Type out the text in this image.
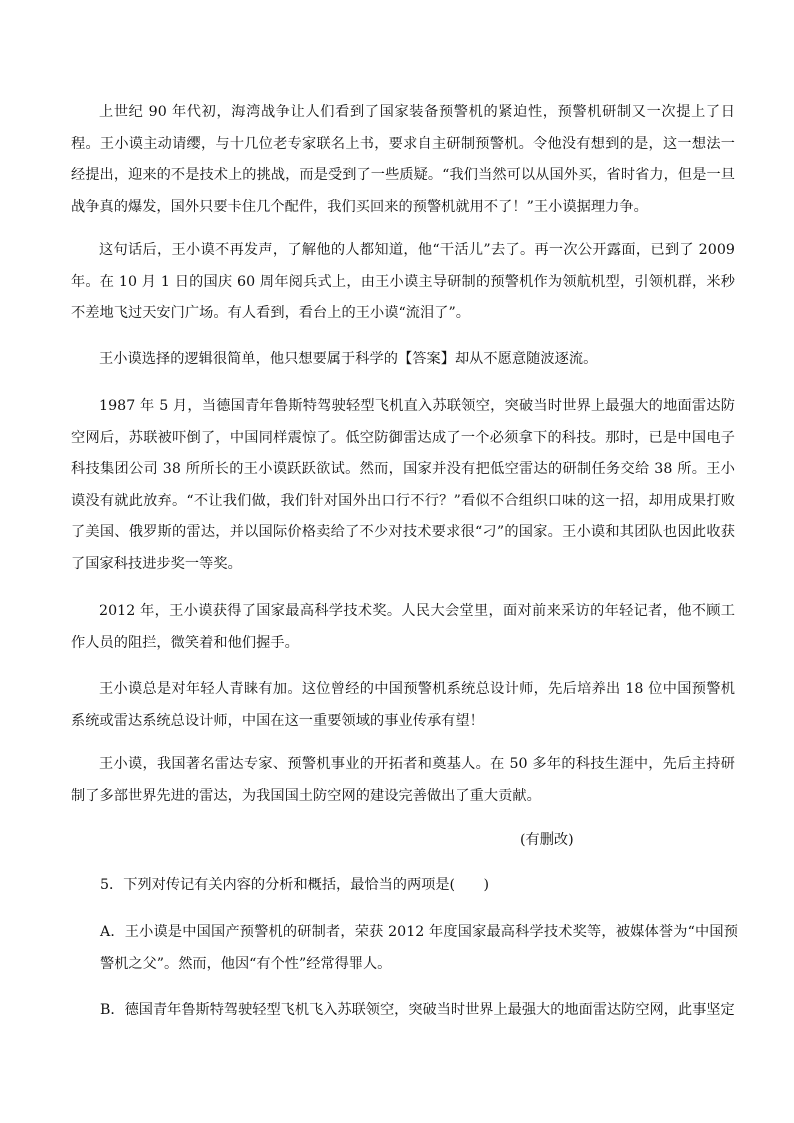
上世纪 90 年代初，海湾战争让人们看到了国家装备预警机的紧迫性，预警机研制又一次提上了日程。王小谟主动请缨，与十几位老专家联名上书，要求自主研制预警机。令他没有想到的是，这一想法一经提出，迎来的不是技术上的挑战，而是受到了一些质疑。“我们当然可以从国外买，省时省力，但是一旦战争真的爆发，国外只要卡住几个配件，我们买回来的预警机就用不了！”王小谟据理力争。

这句话后，王小谟不再发声，了解他的人都知道，他“干活儿”去了。再一次公开露面，已到了 2009 年。在 10 月 1 日的国庆 60 周年阅兵式上，由王小谟主导研制的预警机作为领航机型，引领机群，米秒不差地飞过天安门广场。有人看到，看台上的王小谟“流泪了”。

王小谟选择的逻辑很简单，他只想要属于科学的【答案】却从不愿意随波逐流。

1987 年 5 月，当德国青年鲁斯特驾驶轻型飞机直入苏联领空，突破当时世界上最强大的地面雷达防空网后，苏联被吓倒了，中国同样震惊了。低空防御雷达成了一个必须拿下的科技。那时，已是中国电子科技集团公司 38 所所长的王小谟跃跃欲试。然而，国家并没有把低空雷达的研制任务交给 38 所。王小谟没有就此放弃。“不让我们做，我们针对国外出口行不行？”看似不合组织口味的这一招，却用成果打败了美国、俄罗斯的雷达，并以国际价格卖给了不少对技术要求很“刁”的国家。王小谟和其团队也因此收获了国家科技进步奖一等奖。

2012 年，王小谟获得了国家最高科学技术奖。人民大会堂里，面对前来采访的年轻记者，他不顾工作人员的阻拦，微笑着和他们握手。

王小谟总是对年轻人青睐有加。这位曾经的中国预警机系统总设计师，先后培养出 18 位中国预警机系统或雷达系统总设计师，中国在这一重要领域的事业传承有望！

王小谟，我国著名雷达专家、预警机事业的开拓者和奠基人。在 50 多年的科技生涯中，先后主持研制了多部世界先进的雷达，为我国国土防空网的建设完善做出了重大贡献。

(有删改)

5．下列对传记有关内容的分析和概括，最恰当的两项是(　　)

A．王小谟是中国国产预警机的研制者，荣获 2012 年度国家最高科学技术奖等，被媒体誉为“中国预警机之父”。然而，他因“有个性”经常得罪人。

B．德国青年鲁斯特驾驶轻型飞机飞入苏联领空，突破当时世界上最强大的地面雷达防空网，此事坚定
